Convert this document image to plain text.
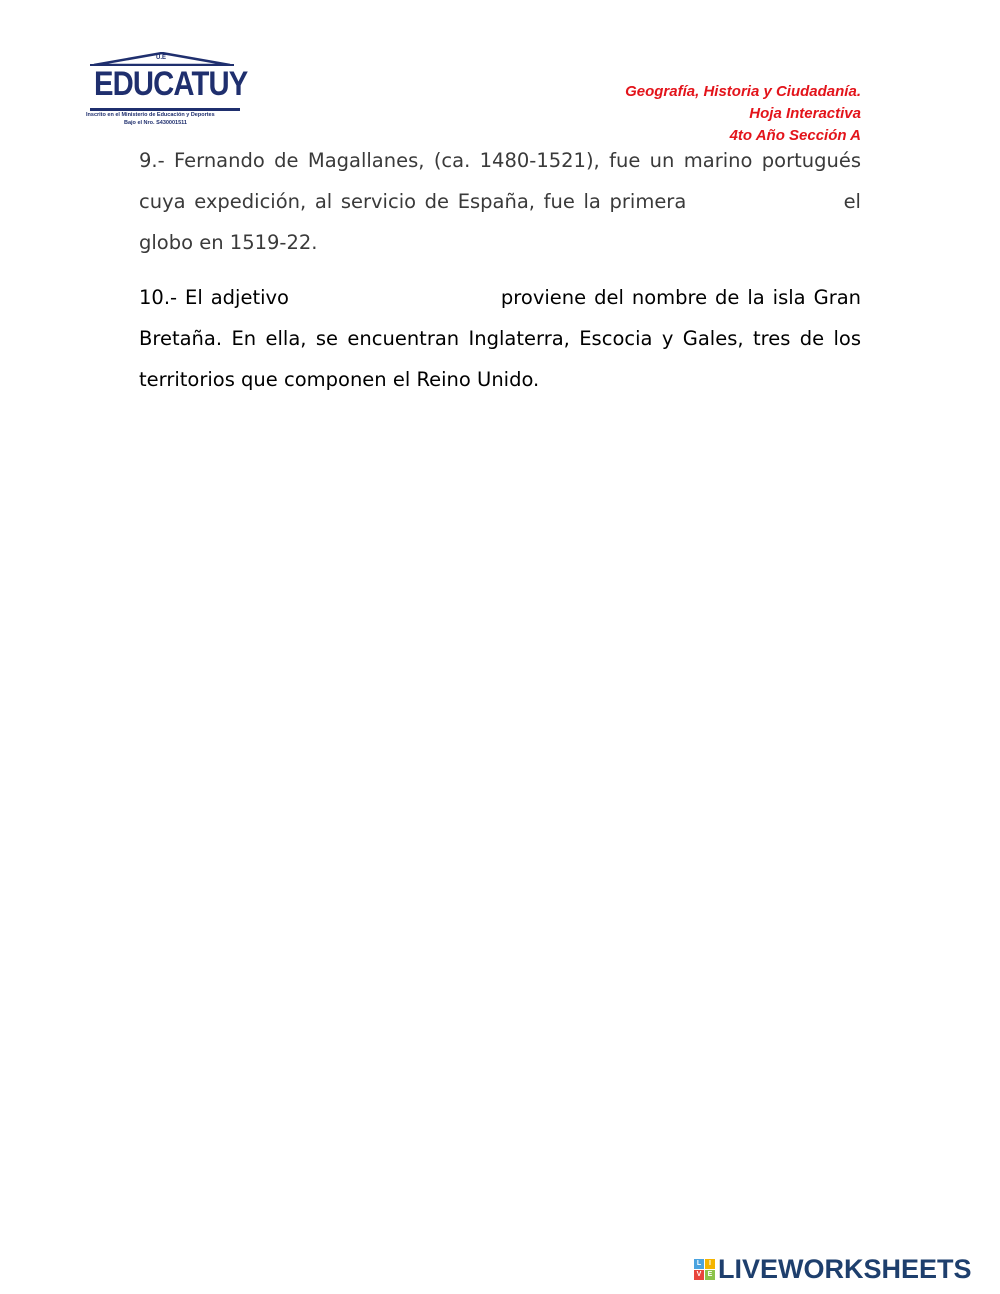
U.E
EDUCATUY
Inscrito en el Ministerio de Educación y Deportes
Bajo el Nro. S430001511
Geografía, Historia y Ciudadanía.
Hoja Interactiva
4to Año Sección A
9.- Fernando de Magallanes, (ca. 1480-1521), fue un marino portugués cuya expedición, al servicio de España, fue la primera	el globo en 1519-22.
10.- El adjetivo	proviene del nombre de la isla Gran Bretaña. En ella, se encuentran Inglaterra, Escocia y Gales, tres de los territorios que componen el Reino Unido.
L	I
V E LIVEWORKSHEETS
